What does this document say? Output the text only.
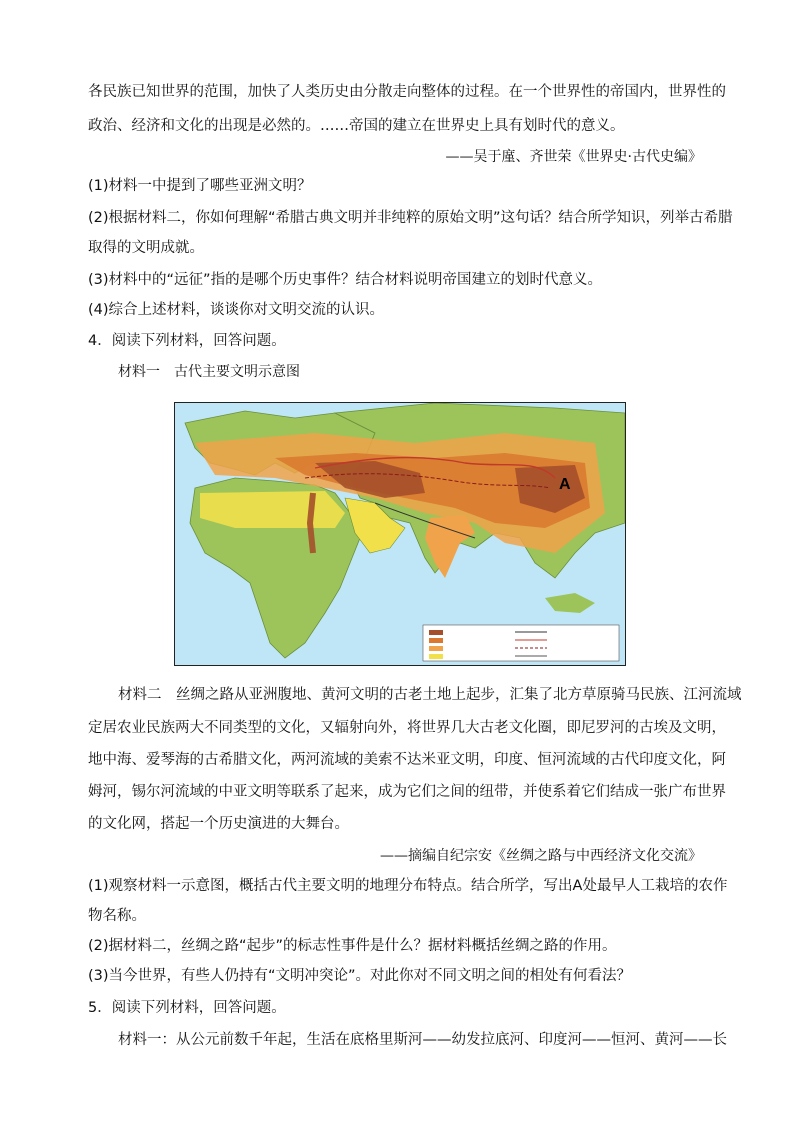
各民族已知世界的范围，加快了人类历史由分散走向整体的过程。在一个世界性的帝国内，世界性的
政治、经济和文化的出现是必然的。……帝国的建立在世界史上具有划时代的意义。
——吴于廑、齐世荣《世界史·古代史编》
(1)材料一中提到了哪些亚洲文明？
(2)根据材料二，你如何理解“希腊古典文明并非纯粹的原始文明”这句话？结合所学知识，列举古希腊
取得的文明成就。
(3)材料中的“远征”指的是哪个历史事件？结合材料说明帝国建立的划时代意义。
(4)综合上述材料，谈谈你对文明交流的认识。
4．阅读下列材料，回答问题。
材料一　古代主要文明示意图
A
材料二　丝绸之路从亚洲腹地、黄河文明的古老土地上起步，汇集了北方草原骑马民族、江河流域
定居农业民族两大不同类型的文化，又辐射向外，将世界几大古老文化圈，即尼罗河的古埃及文明，
地中海、爱琴海的古希腊文化，两河流域的美索不达米亚文明，印度、恒河流域的古代印度文化，阿
姆河，锡尔河流域的中亚文明等联系了起来，成为它们之间的纽带，并使系着它们结成一张广布世界
的文化网，搭起一个历史演进的大舞台。
——摘编自纪宗安《丝绸之路与中西经济文化交流》
(1)观察材料一示意图，概括古代主要文明的地理分布特点。结合所学，写出A处最早人工栽培的农作
物名称。
(2)据材料二，丝绸之路“起步”的标志性事件是什么？据材料概括丝绸之路的作用。
(3)当今世界，有些人仍持有“文明冲突论”。对此你对不同文明之间的相处有何看法？
5．阅读下列材料，回答问题。
材料一：从公元前数千年起，生活在底格里斯河——幼发拉底河、印度河——恒河、黄河——长
